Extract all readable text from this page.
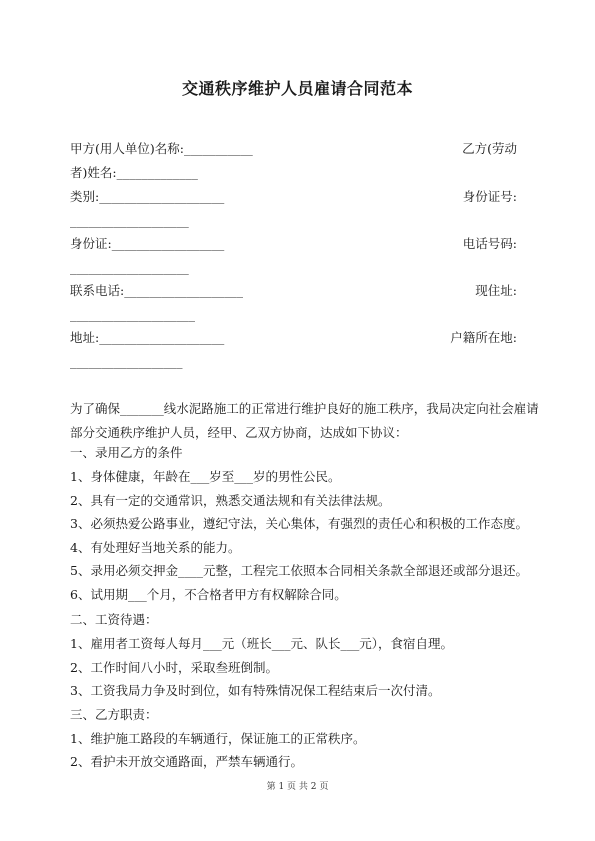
交通秩序维护人员雇请合同范本
甲方(用人单位)名称:___________	乙方(劳动
者)姓名:_____________
类别:____________________	身份证号:
___________________
身份证:__________________	电话号码:
___________________
联系电话:___________________	现住址:
____________________
地址:____________________	户籍所在地:
__________________
为了确保_______线水泥路施工的正常进行维护良好的施工秩序，我局决定向社会雇请
部分交通秩序维护人员，经甲、乙双方协商，达成如下协议：
一、录用乙方的条件
1、身体健康，年龄在___岁至___岁的男性公民。
2、具有一定的交通常识，熟悉交通法规和有关法律法规。
3、必须热爱公路事业，遵纪守法，关心集体，有强烈的责任心和积极的工作态度。
4、有处理好当地关系的能力。
5、录用必须交押金____元整，工程完工依照本合同相关条款全部退还或部分退还。
6、试用期___个月，不合格者甲方有权解除合同。
二、工资待遇：
1、雇用者工资每人每月___元（班长___元、队长___元），食宿自理。
2、工作时间八小时，采取叁班倒制。
3、工资我局力争及时到位，如有特殊情况保工程结束后一次付清。
三、乙方职责：
1、维护施工路段的车辆通行，保证施工的正常秩序。
2、看护未开放交通路面，严禁车辆通行。
第 1 页 共 2 页
